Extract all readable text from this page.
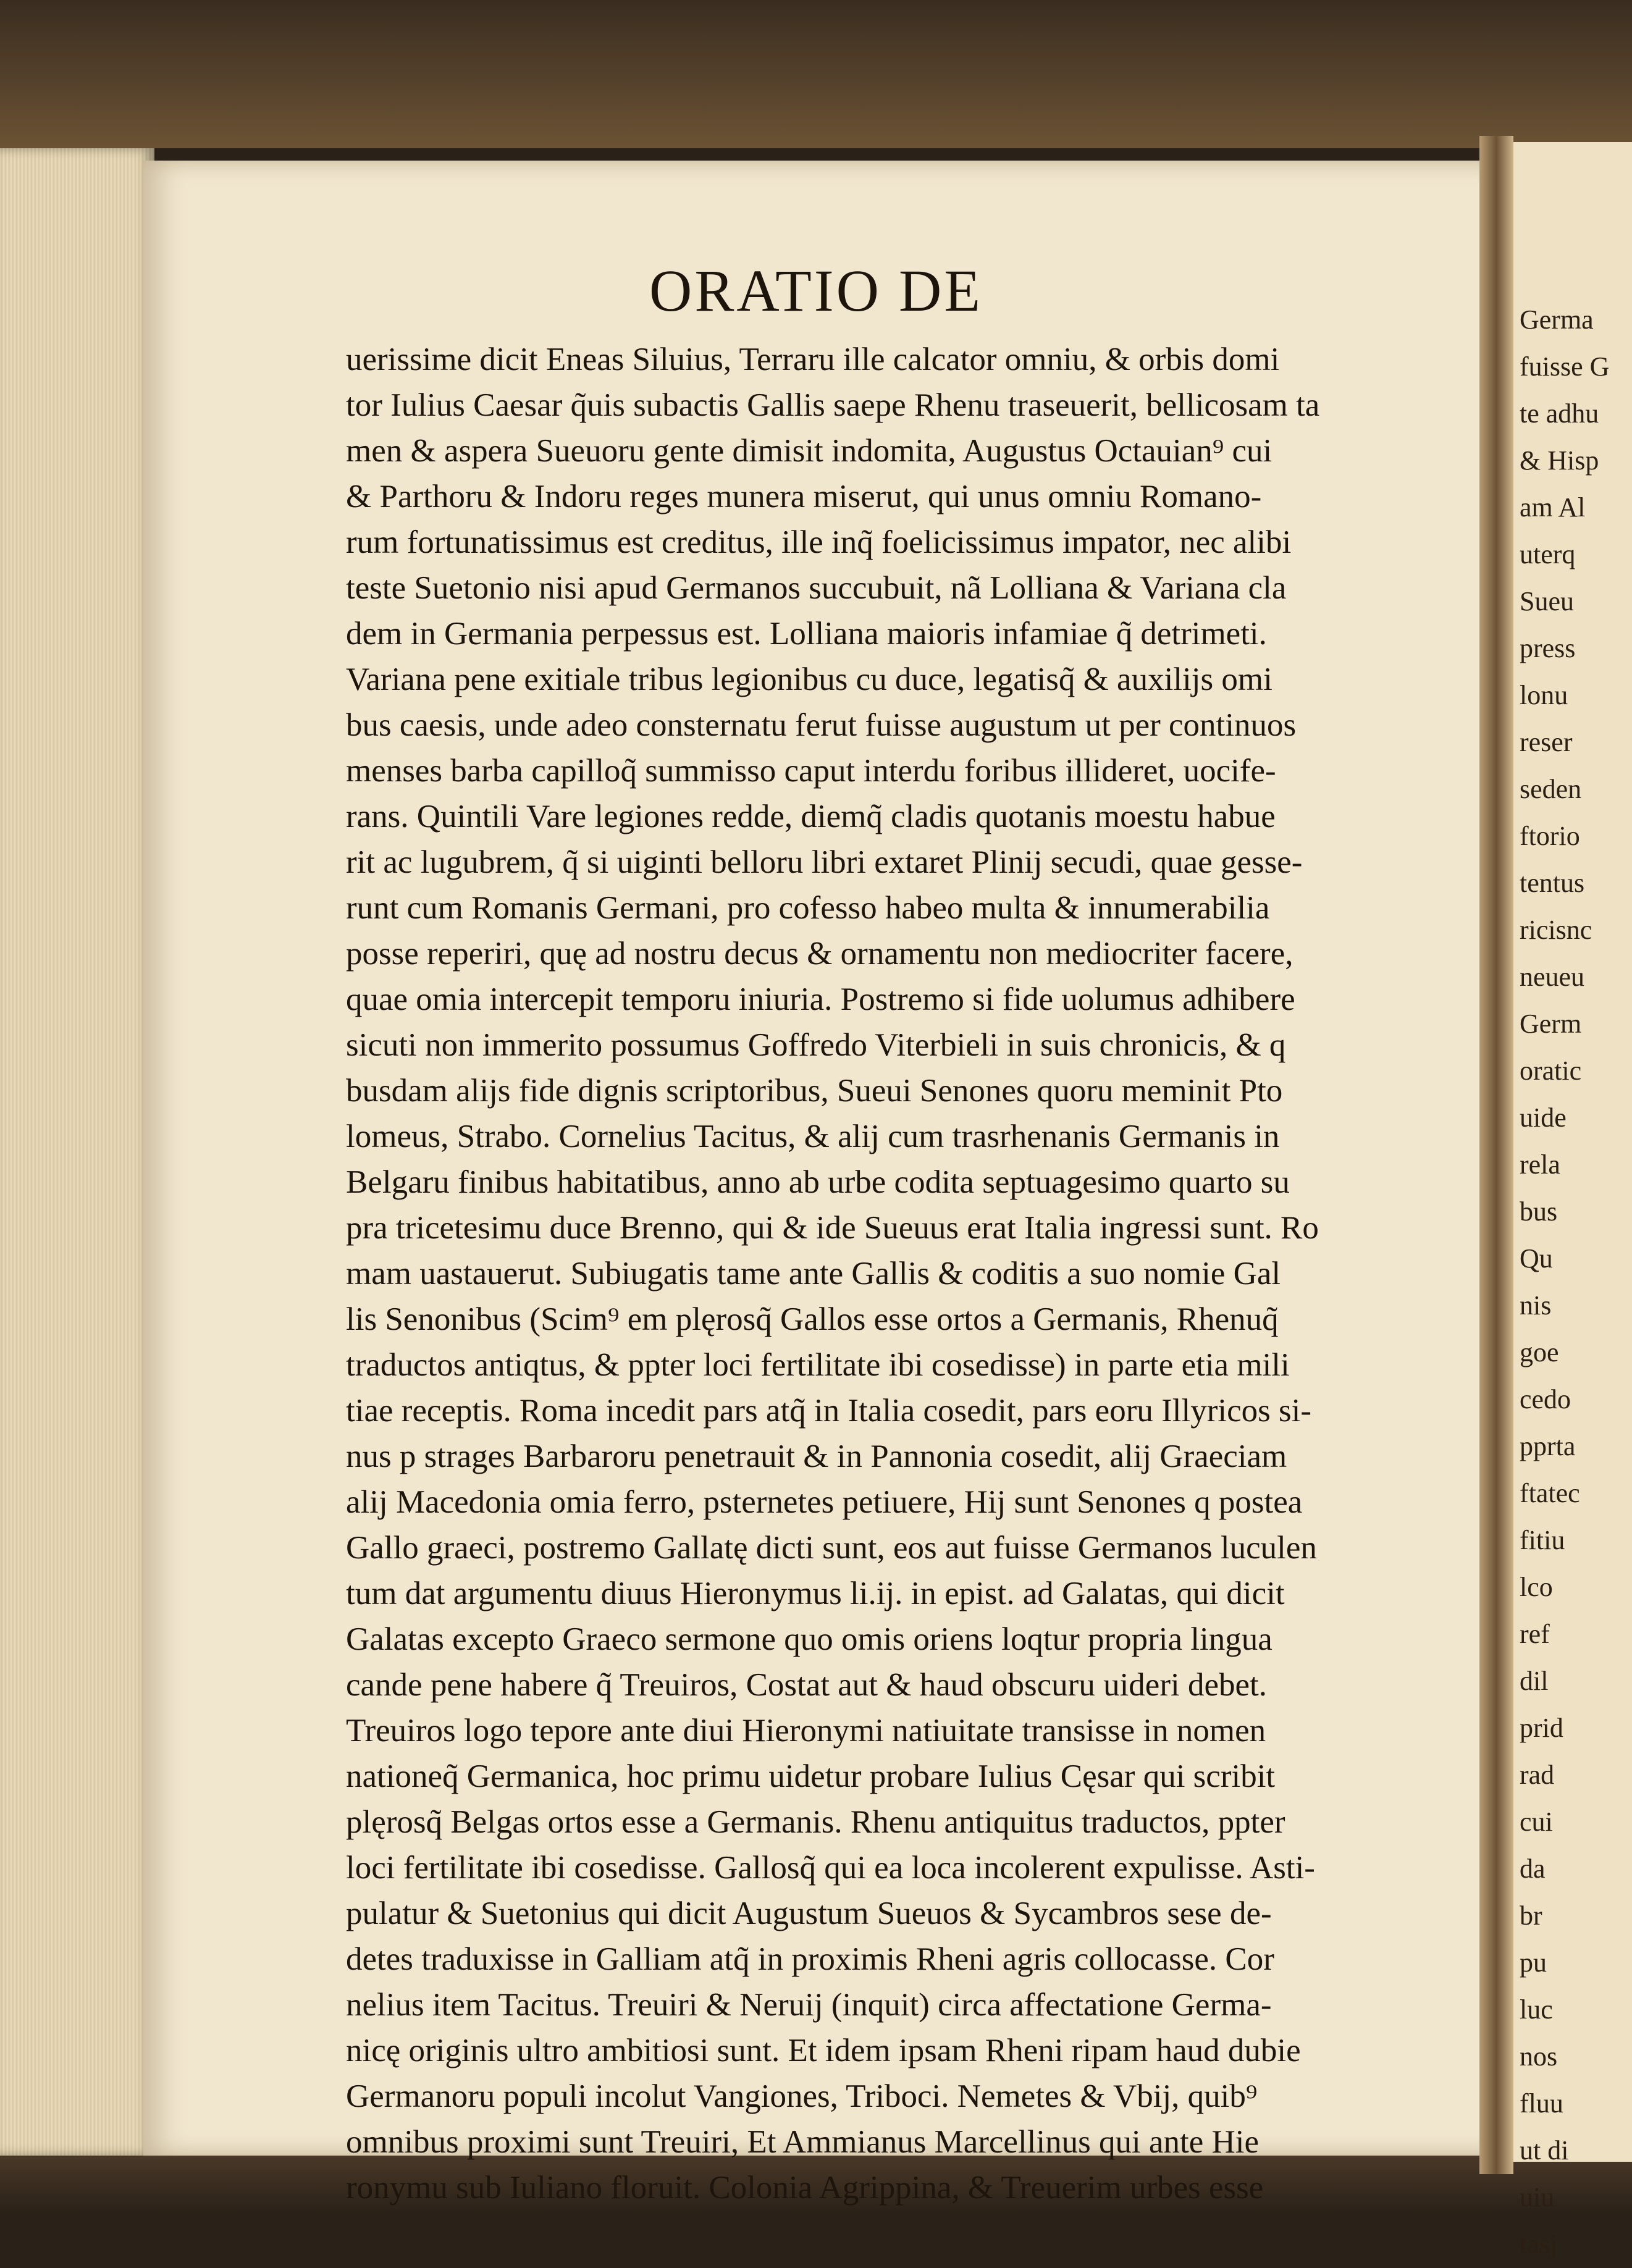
Germa
fuisse G
te adhu
& Hisp
am Al
uterq
Sueu
press
lonu
reser
seden
ftorio
tentus
ricisnc
neueu
Germ
oratic
uide
rela
bus
Qu
nis
goe
cedo
pprta
ftatec
fitiu
lco
ref
dil
prid
rad
cui
da
br
pu
luc
nos
fluu
ut di
uiu
tasj
ORATIO DE
uerissime dicit Eneas Siluius, Terraru ille calcator omniu, & orbis domi
tor Iulius Caesar q̃uis subactis Gallis saepe Rhenu traseuerit, bellicosam ta
men & aspera Sueuoru gente dimisit indomita, Augustus Octauian⁹ cui
& Parthoru & Indoru reges munera miserut, qui unus omniu Romano-
rum fortunatissimus est creditus, ille inq̃ foelicissimus impator, nec alibi
teste Suetonio nisi apud Germanos succubuit, nã Lolliana & Variana cla
dem in Germania perpessus est. Lolliana maioris infamiae q̃ detrimeti.
Variana pene exitiale tribus legionibus cu duce, legatisq̃ & auxilijs omi
bus caesis, unde adeo consternatu ferut fuisse augustum ut per continuos
menses barba capilloq̃ summisso caput interdu foribus illideret, uocife-
rans. Quintili Vare legiones redde, diemq̃ cladis quotanis moestu habue
rit ac lugubrem, q̃ si uiginti belloru libri extaret Plinij secudi, quae gesse-
runt cum Romanis Germani, pro cofesso habeo multa & innumerabilia
posse reperiri, quę ad nostru decus & ornamentu non mediocriter facere,
quae omia intercepit temporu iniuria. Postremo si fide uolumus adhibere
sicuti non immerito possumus Goffredo Viterbieli in suis chronicis, & q
busdam alijs fide dignis scriptoribus, Sueui Senones quoru meminit Pto
lomeus, Strabo. Cornelius Tacitus, & alij cum trasrhenanis Germanis in
Belgaru finibus habitatibus, anno ab urbe codita septuagesimo quarto su
pra tricetesimu duce Brenno, qui & ide Sueuus erat Italia ingressi sunt. Ro
mam uastauerut. Subiugatis tame ante Gallis & coditis a suo nomie Gal
lis Senonibus (Scim⁹ em plęrosq̃ Gallos esse ortos a Germanis, Rhenuq̃
traductos antiqtus, & ppter loci fertilitate ibi cosedisse) in parte etia mili
tiae receptis. Roma incedit pars atq̃ in Italia cosedit, pars eoru Illyricos si-
nus p strages Barbaroru penetrauit & in Pannonia cosedit, alij Graeciam
alij Macedonia omia ferro, psternetes petiuere, Hij sunt Senones q postea
Gallo graeci, postremo Gallatę dicti sunt, eos aut fuisse Germanos luculen
tum dat argumentu diuus Hieronymus li.ij. in epist. ad Galatas, qui dicit
Galatas excepto Graeco sermone quo omis oriens loqtur propria lingua
cande pene habere q̃ Treuiros, Costat aut & haud obscuru uideri debet.
Treuiros logo tepore ante diui Hieronymi natiuitate transisse in nomen
nationeq̃ Germanica, hoc primu uidetur probare Iulius Cęsar qui scribit
plęrosq̃ Belgas ortos esse a Germanis. Rhenu antiquitus traductos, ppter
loci fertilitate ibi cosedisse. Gallosq̃ qui ea loca incolerent expulisse. Asti-
pulatur & Suetonius qui dicit Augustum Sueuos & Sycambros sese de-
detes traduxisse in Galliam atq̃ in proximis Rheni agris collocasse. Cor
nelius item Tacitus. Treuiri & Neruij (inquit) circa affectatione Germa-
nicę originis ultro ambitiosi sunt. Et idem ipsam Rheni ripam haud dubie
Germanoru populi incolut Vangiones, Triboci. Nemetes & Vbij, quib⁹
omnibus proximi sunt Treuiri, Et Ammianus Marcellinus qui ante Hie
ronymu sub Iuliano floruit. Colonia Agrippina, & Treuerim urbes esse
